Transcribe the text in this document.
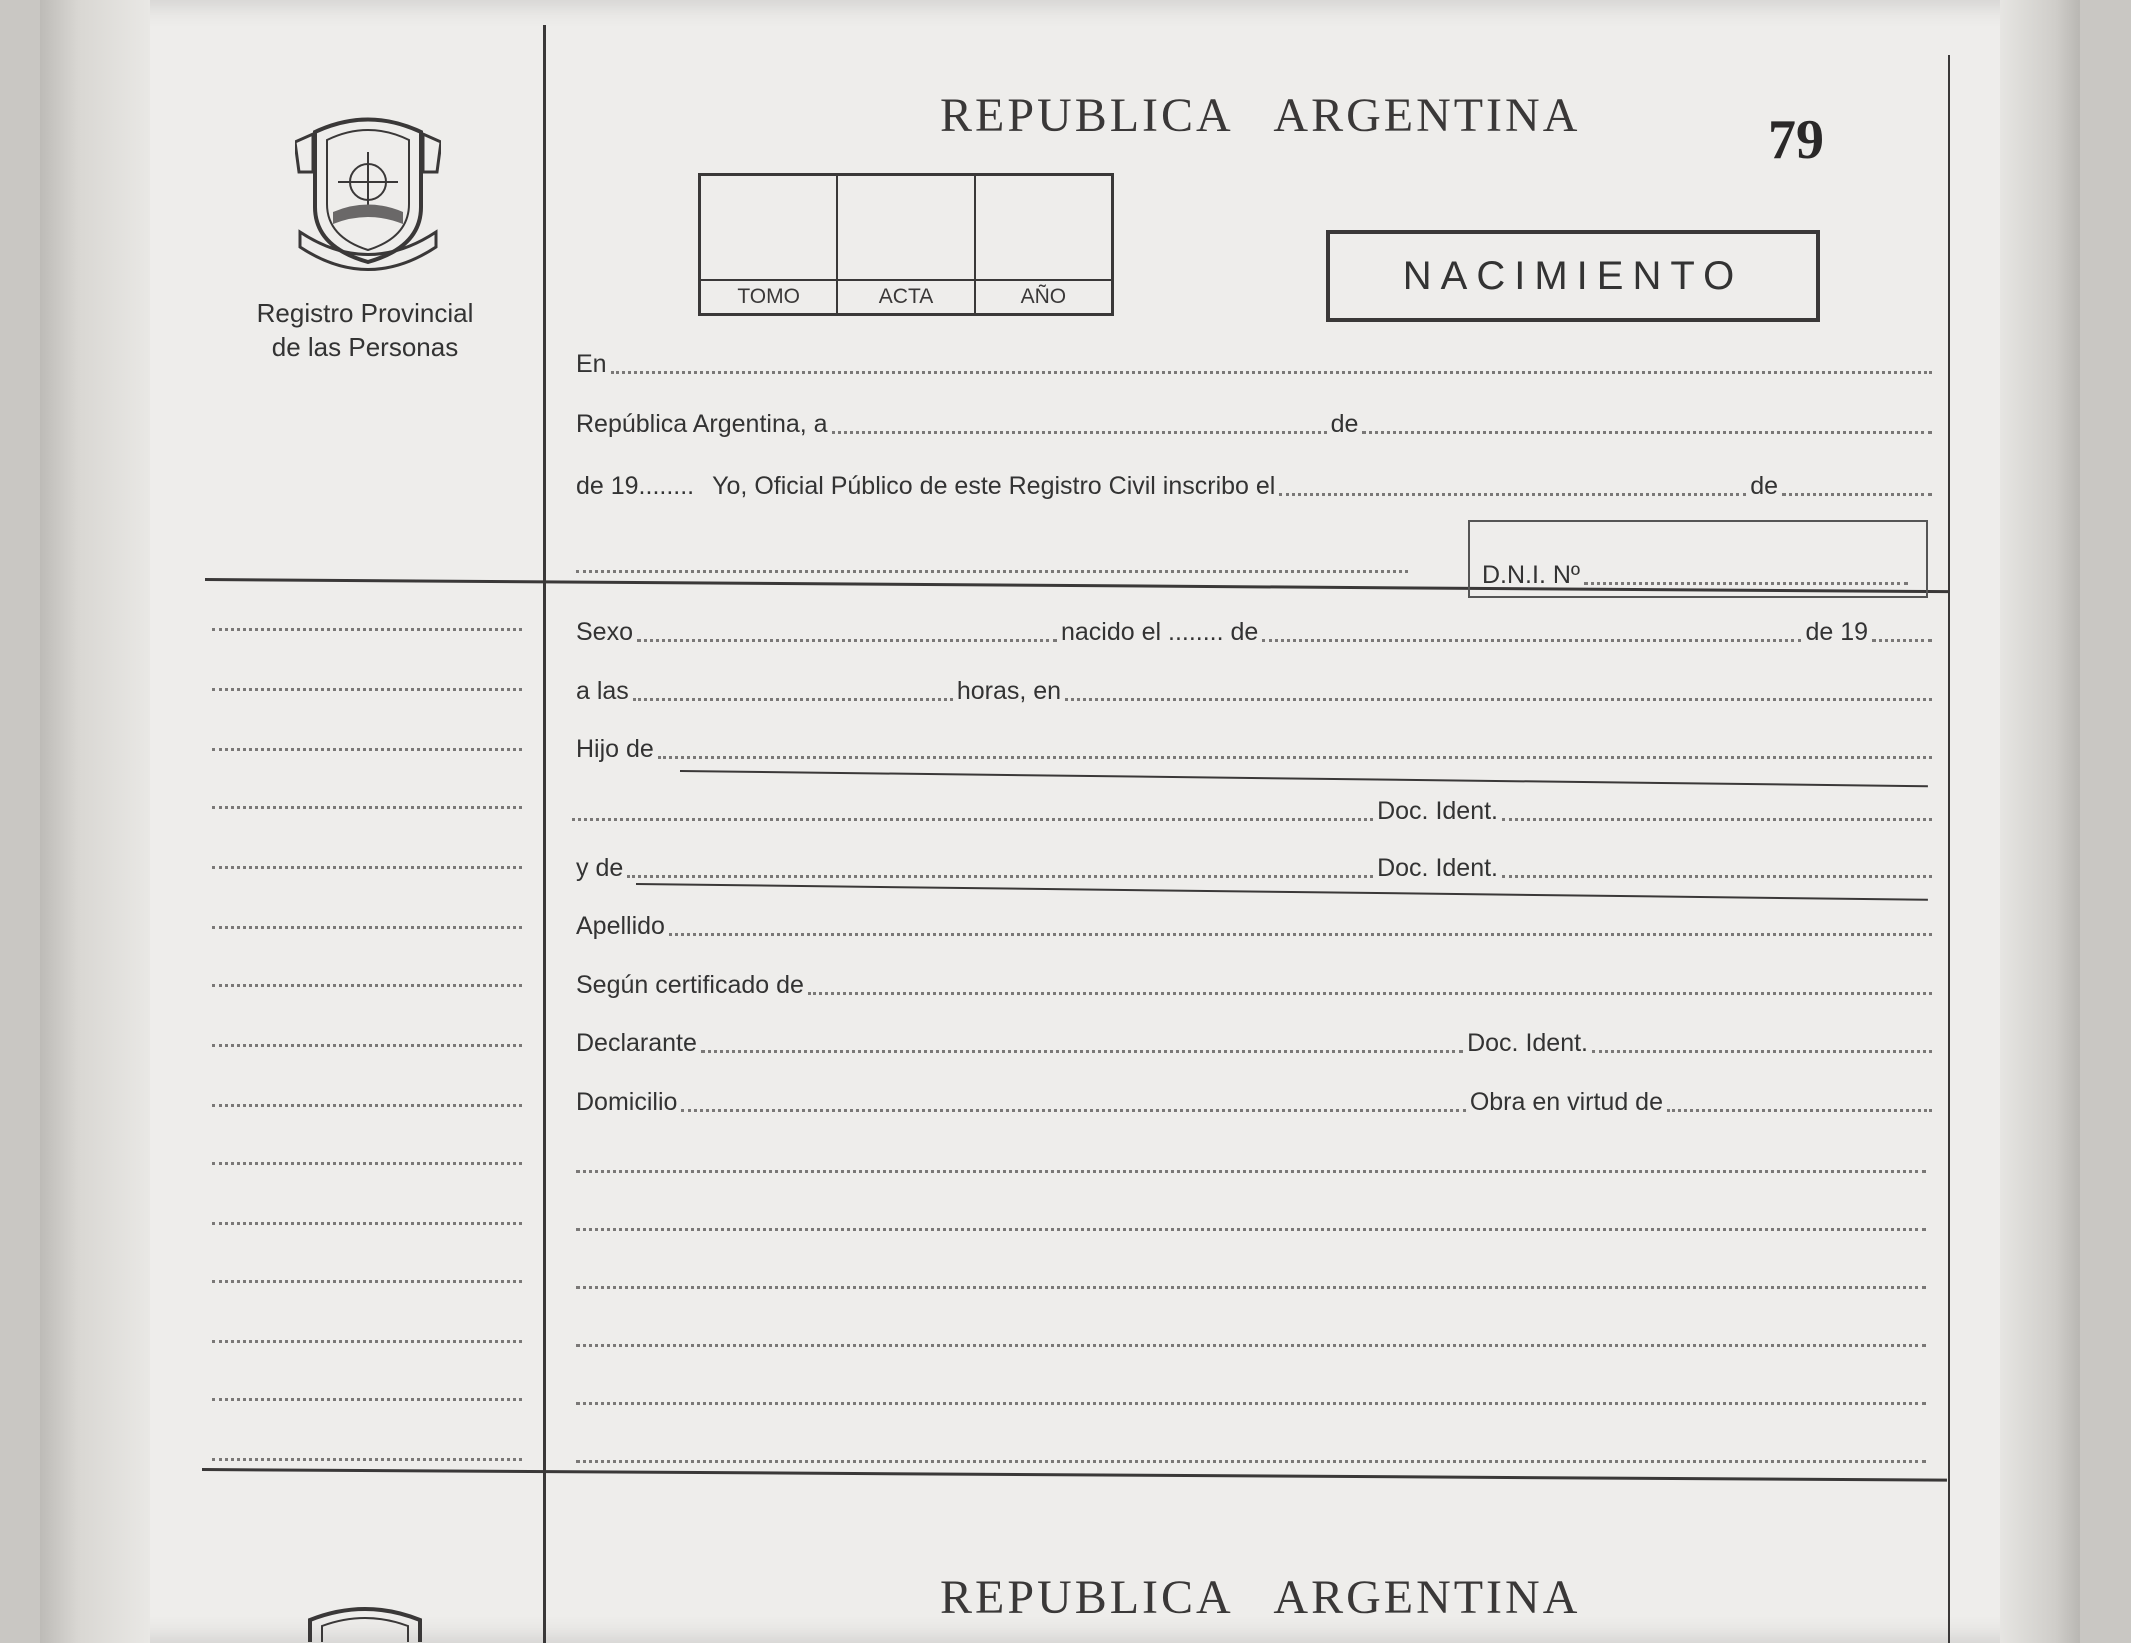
REPUBLICA   ARGENTINA	79
Registro Provincial
de las Personas
TOMO	ACTA	AÑO	NACIMIENTO
En
República Argentina, a	de
de 19........ Yo, Oficial Público de este Registro Civil inscribo el	de
D.N.I. Nº
Sexo	nacido el ........ de	de 19
a las	horas, en
Hijo de
Doc. Ident.
y de	Doc. Ident.
Apellido
Según certificado de
Declarante	Doc. Ident.
Domicilio	Obra en virtud de
REPUBLICA   ARGENTINA
